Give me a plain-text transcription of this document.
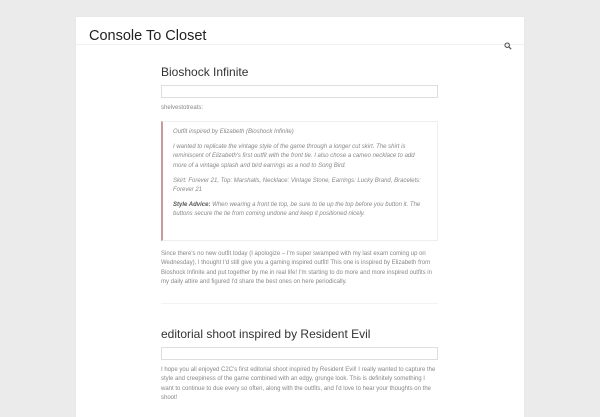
Console To Closet
Bioshock Infinite
shelvestotreats:

Outfit inspired by Elizabeth (Bioshock Infinite)

I wanted to replicate the vintage style of the game through a longer cut skirt. The shirt is reminiscent of Elizabeth's first outfit with the front tie. I also chose a cameo necklace to add more of a vintage splash and bird earrings as a nod to Song Bird.

Skirt: Forever 21, Top: Marshalls, Necklace: Vintage Stone, Earrings: Lucky Brand, Bracelets: Forever 21

Style Advice: When wearing a front tie top, be sure to tie up the top before you button it. The buttons secure the tie from coming undone and keep it positioned nicely.

Since there's no new outfit today (I apologize – I'm super swamped with my last exam coming up on Wednesday), I thought I'd still give you a gaming inspired outfit! This one is inspired by Elizabeth from Bioshock Infinite and put together by me in real life! I'm starting to do more and more inspired outfits in my daily attire and figured I'd share the best ones on here periodically.

editorial shoot inspired by Resident Evil

I hope you all enjoyed C2C's first editorial shoot inspired by Resident Evil! I really wanted to capture the style and creepiness of the game combined with an edgy, grunge look. This is definitely something I want to continue to due every so often, along with the outfits, and I'd love to hear your thoughts on the shoot!
